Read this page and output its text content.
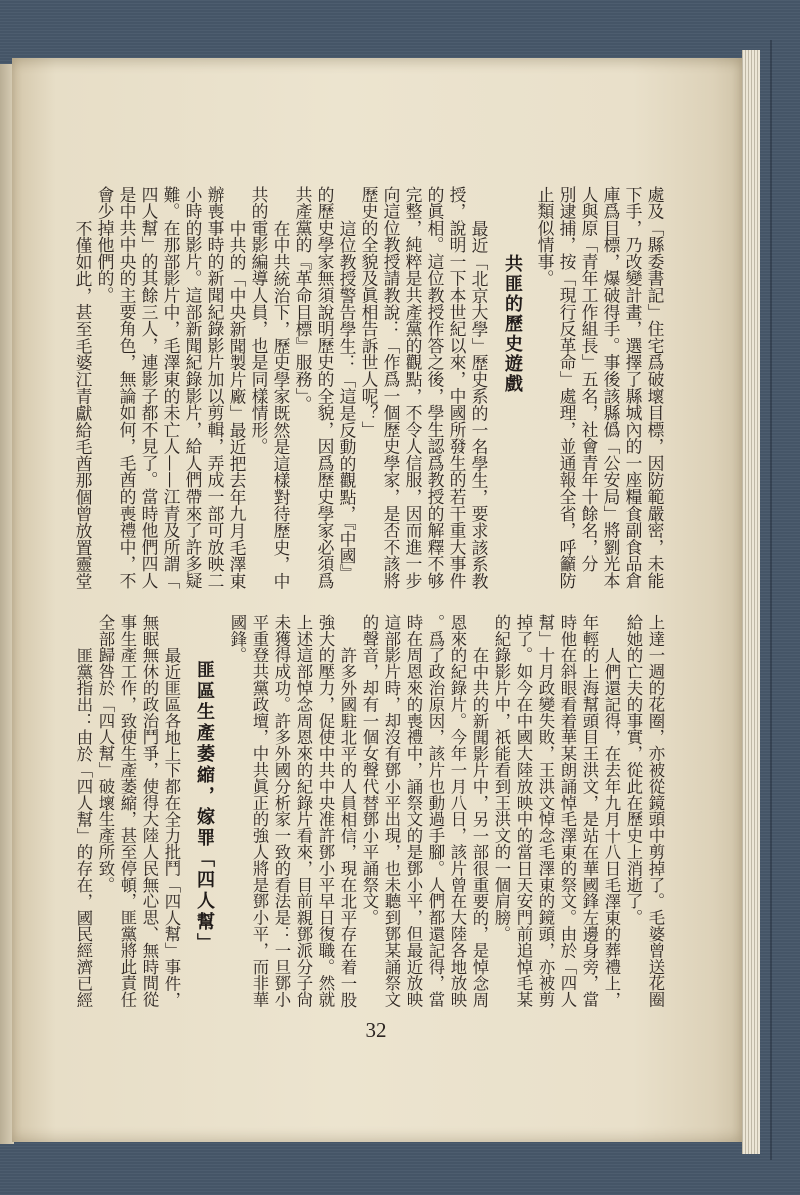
處及「縣委書記」住宅爲破壞目標，因防範嚴密，未能
下手，乃改變計畫，選擇了縣城內的一座糧食副食品倉
庫爲目標，爆破得手。事後該縣僞「公安局」將劉光本
人與原「青年工作組長」五名，社會青年十餘名，分
別逮捕，按「現行反革命」處理，並通報全省，呼籲防
止類似情事。
共匪的歷史遊戲
最近「北京大學」歷史系的一名學生，要求該系教
授，說明一下本世紀以來，中國所發生的若干重大事件
的眞相。這位教授作答之後，學生認爲教授的解釋不够
完整，純粹是共產黨的觀點，不令人信服，因而進一步
向這位教授請教說：「作爲一個歷史學家，是否不該將
歷史的全貌及眞相告訴世人呢？」
這位教授警告學生：「這是反動的觀點，『中國』
的歷史學家無須說明歷史的全貌，因爲歷史學家必須爲
共產黨的『革命目標』服務」。
在中共統治下，歷史學家既然是這樣對待歷史，中
共的電影編導人員，也是同樣情形。
中共的「中央新聞製片廠」最近把去年九月毛澤東
辦喪事時的新聞紀錄影片加以剪輯，弄成一部可放映二
小時的影片。這部新聞紀錄影片，給人們帶來了許多疑
難。在那部影片中，毛澤東的未亡人——江青及所謂「
四人幫」的其餘三人，連影子都不見了。當時他們四人
是中共中央的主要角色，無論如何，毛酋的喪禮中，不
會少掉他們的。
不僅如此，甚至毛婆江青獻給毛酋那個曾放置靈堂
上達一週的花圈，亦被從鏡頭中剪掉了。毛婆曾送花圈
給她的亡夫的事實，從此在歷史上消逝了。
人們還記得，在去年九月十八日毛澤東的葬禮上，
年輕的上海幫頭目王洪文，是站在華國鋒左邊身旁，當
時他在斜眼看着華某朗誦悼毛澤東的祭文。由於「四人
幫」十月政變失敗，王洪文悼念毛澤東的鏡頭，亦被剪
掉了。如今在中國大陸放映中的當日天安門前追悼毛某
的紀錄影片中，祇能看到王洪文的一個肩膀。
在中共的新聞影片中，另一部很重要的，是悼念周
恩來的紀錄片。今年一月八日，該片曾在大陸各地放映
。爲了政治原因，該片也動過手腳。人們都還記得，當
時在周恩來的喪禮中，誦祭文的是鄧小平，但最近放映
這部影片時，却沒有鄧小平出現，也未聽到鄧某誦祭文
的聲音，却有一個女聲代替鄧小平誦祭文。
許多外國駐北平的人員相信，現在北平存在着一股
強大的壓力，促使中共中央准許鄧小平早日復職。然就
上述這部悼念周恩來的紀錄片看來，目前親鄧派分子尙
未獲得成功。許多外國分析家一致的看法是：一旦鄧小
平重登共黨政壇，中共眞正的強人將是鄧小平，而非華
國鋒。
匪區生產萎縮，嫁罪「四人幫」
最近匪區各地上下都在全力批鬥「四人幫」事件，
無眠無休的政治鬥爭，使得大陸人民無心思、無時間從
事生產工作，致使生產萎縮，甚至停頓，匪黨將此責任
全部歸咎於「四人幫」破壞生產所致。
匪黨指出：由於「四人幫」的存在，國民經濟已經
32
